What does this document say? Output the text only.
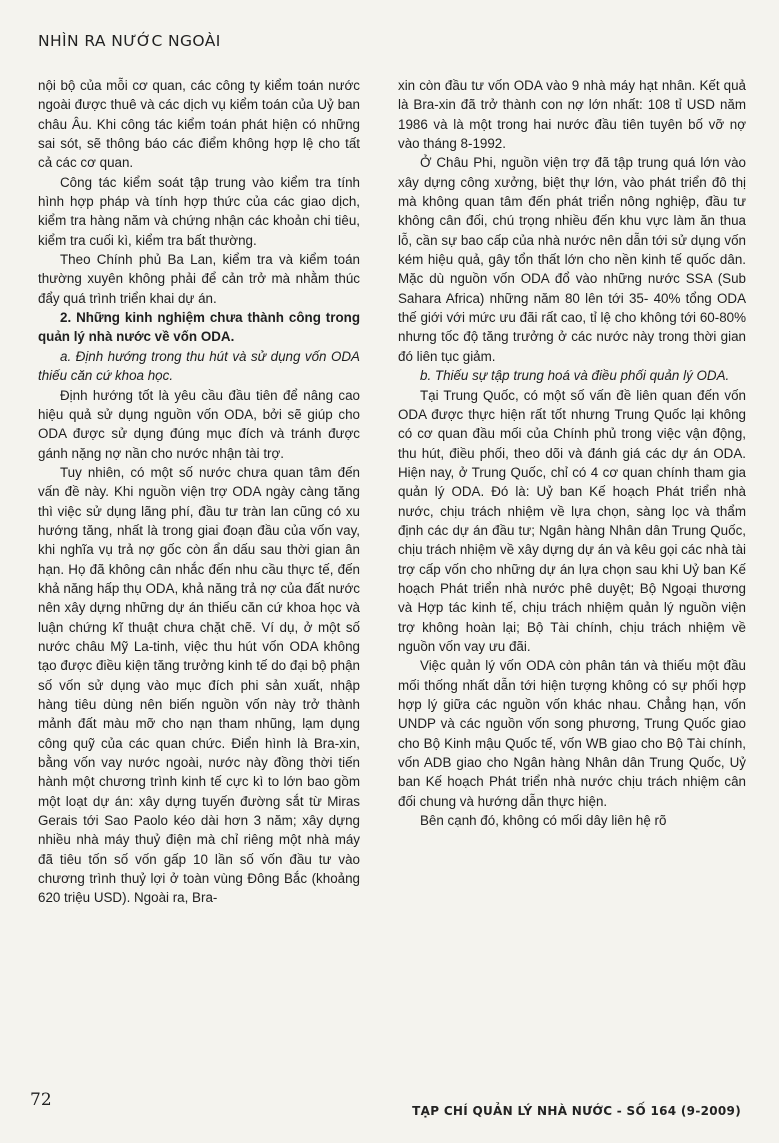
NHÌN RA NƯỚC NGOÀI

nội bộ của mỗi cơ quan, các công ty kiểm toán nước ngoài được thuê và các dịch vụ kiểm toán của Uỷ ban châu Âu. Khi công tác kiểm toán phát hiện có những sai sót, sẽ thông báo các điểm không hợp lệ cho tất cả các cơ quan.

Công tác kiểm soát tập trung vào kiểm tra tính hình hợp pháp và tính hợp thức của các giao dịch, kiểm tra hàng năm và chứng nhận các khoản chi tiêu, kiểm tra cuối kì, kiểm tra bất thường.

Theo Chính phủ Ba Lan, kiểm tra và kiểm toán thường xuyên không phải để cản trở mà nhằm thúc đẩy quá trình triển khai dự án.

2. Những kinh nghiệm chưa thành công trong quản lý nhà nước về vốn ODA.

a. Định hướng trong thu hút và sử dụng vốn ODA thiếu căn cứ khoa học.

Định hướng tốt là yêu cầu đầu tiên để nâng cao hiệu quả sử dụng nguồn vốn ODA, bởi sẽ giúp cho ODA được sử dụng đúng mục đích và tránh được gánh nặng nợ nần cho nước nhận tài trợ.

Tuy nhiên, có một số nước chưa quan tâm đến vấn đề này. Khi nguồn viện trợ ODA ngày càng tăng thì việc sử dụng lãng phí, đầu tư tràn lan cũng có xu hướng tăng, nhất là trong giai đoạn đầu của vốn vay, khi nghĩa vụ trả nợ gốc còn ẩn dấu sau thời gian ân hạn. Họ đã không cân nhắc đến nhu cầu thực tế, đến khả năng hấp thụ ODA, khả năng trả nợ của đất nước nên xây dựng những dự án thiếu căn cứ khoa học và luận chứng kĩ thuật chưa chặt chẽ. Ví dụ, ở một số nước châu Mỹ La-tinh, việc thu hút vốn ODA không tạo được điều kiện tăng trưởng kinh tế do đại bộ phận số vốn sử dụng vào mục đích phi sản xuất, nhập hàng tiêu dùng nên biến nguồn vốn này trở thành mảnh đất màu mỡ cho nạn tham nhũng, lạm dụng công quỹ của các quan chức. Điển hình là Bra-xin, bằng vốn vay nước ngoài, nước này đồng thời tiến hành một chương trình kinh tế cực kì to lớn bao gồm một loạt dự án: xây dựng tuyến đường sắt từ Miras Gerais tới Sao Paolo kéo dài hơn 3 năm; xây dựng nhiều nhà máy thuỷ điện mà chỉ riêng một nhà máy đã tiêu tốn số vốn gấp 10 lần số vốn đầu tư vào chương trình thuỷ lợi ở toàn vùng Đông Bắc (khoảng 620 triệu USD). Ngoài ra, Bra-

xin còn đầu tư vốn ODA vào 9 nhà máy hạt nhân. Kết quả là Bra-xin đã trở thành con nợ lớn nhất: 108 tỉ USD năm 1986 và là một trong hai nước đầu tiên tuyên bố vỡ nợ vào tháng 8-1992.

Ở Châu Phi, nguồn viện trợ đã tập trung quá lớn vào xây dựng công xưởng, biệt thự lớn, vào phát triển đô thị mà không quan tâm đến phát triển nông nghiệp, đầu tư không cân đối, chú trọng nhiều đến khu vực làm ăn thua lỗ, cần sự bao cấp của nhà nước nên dẫn tới sử dụng vốn kém hiệu quả, gây tổn thất lớn cho nền kinh tế quốc dân. Mặc dù nguồn vốn ODA đổ vào những nước SSA (Sub Sahara Africa) những năm 80 lên tới 35- 40% tổng ODA thế giới với mức ưu đãi rất cao, tỉ lệ cho không tới 60-80% nhưng tốc độ tăng trưởng ở các nước này trong thời gian đó liên tục giảm.

b. Thiếu sự tập trung hoá và điều phối quản lý ODA.

Tại Trung Quốc, có một số vấn đề liên quan đến vốn ODA được thực hiện rất tốt nhưng Trung Quốc lại không có cơ quan đầu mối của Chính phủ trong việc vận động, thu hút, điều phối, theo dõi và đánh giá các dự án ODA. Hiện nay, ở Trung Quốc, chỉ có 4 cơ quan chính tham gia quản lý ODA. Đó là: Uỷ ban Kế hoạch Phát triển nhà nước, chịu trách nhiệm về lựa chọn, sàng lọc và thẩm định các dự án đầu tư; Ngân hàng Nhân dân Trung Quốc, chịu trách nhiệm về xây dựng dự án và kêu gọi các nhà tài trợ cấp vốn cho những dự án lựa chọn sau khi Uỷ ban Kế hoạch Phát triển nhà nước phê duyệt; Bộ Ngoại thương và Hợp tác kinh tế, chịu trách nhiệm quản lý nguồn viện trợ không hoàn lại; Bộ Tài chính, chịu trách nhiệm về nguồn vốn vay ưu đãi.

Việc quản lý vốn ODA còn phân tán và thiếu một đầu mối thống nhất dẫn tới hiện tượng không có sự phối hợp hợp lý giữa các nguồn vốn khác nhau. Chẳng hạn, vốn UNDP và các nguồn vốn song phương, Trung Quốc giao cho Bộ Kinh mậu Quốc tế, vốn WB giao cho Bộ Tài chính, vốn ADB giao cho Ngân hàng Nhân dân Trung Quốc, Uỷ ban Kế hoạch Phát triển nhà nước chịu trách nhiệm cân đối chung và hướng dẫn thực hiện.

Bên cạnh đó, không có mối dây liên hệ rõ

72
TẠP CHÍ QUẢN LÝ NHÀ NƯỚC - SỐ 164 (9-2009)
